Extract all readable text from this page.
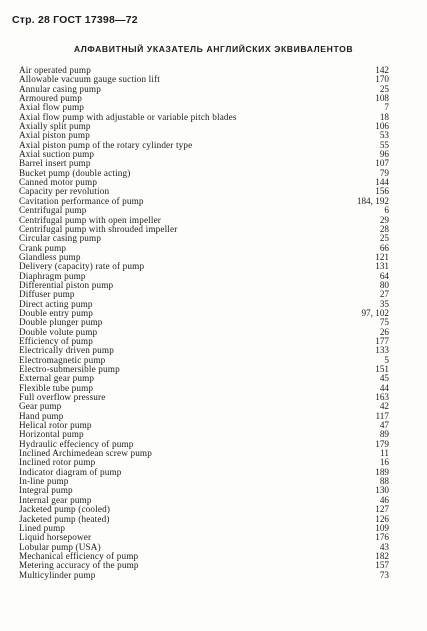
Стр. 28 ГОСТ 17398—72
АЛФАВИТНЫЙ УКАЗАТЕЛЬ АНГЛИЙСКИХ ЭКВИВАЛЕНТОВ
Air operated pump	142
Allowable vacuum gauge suction lift	170
Annular casing pump	25
Armoured pump	108
Axial flow pump	7
Axial flow pump with adjustable or variable pitch blades	18
Axially split pump	106
Axial piston pump	53
Axial piston pump of the rotary cylinder type	55
Axial suction pump	96
Barrel insert pump	107
Bucket pump (double acting)	79
Canned motor pump	144
Capacity per revolution	156
Cavitation performance of pump	184, 192
Centrifugal pump	6
Centrifugal pump with open impeller	29
Centrifugal pump with shrouded impeller	28
Circular casing pump	25
Crank pump	66
Glandless pump	121
Delivery (capacity) rate of pump	131
Diaphragm pump	64
Differential piston pump	80
Diffuser pump	27
Direct acting pump	35
Double entry pump	97, 102
Double plunger pump	75
Double volute pump	26
Efficiency of pump	177
Electrically driven pump	133
Electromagnetic pump	5
Electro-submersible pump	151
External gear pump	45
Flexible tube pump	44
Full overflow pressure	163
Gear pump	42
Hand pump	117
Helical rotor pump	47
Horizontal pump	89
Hydraulic effeciency of pump	179
Inclined Archimedean screw pump	11
Inclined rotor pump	16
Indicator diagram of pump	189
In-line pump	88
Integral pump	130
Internal gear pump	46
Jacketed pump (cooled)	127
Jacketed pump (heated)	126
Lined pump	109
Liquid horsepower	176
Lobular pump (USA)	43
Mechanical efficiency of pump	182
Metering accuracy of the pump	157
Multicylinder pump	73
